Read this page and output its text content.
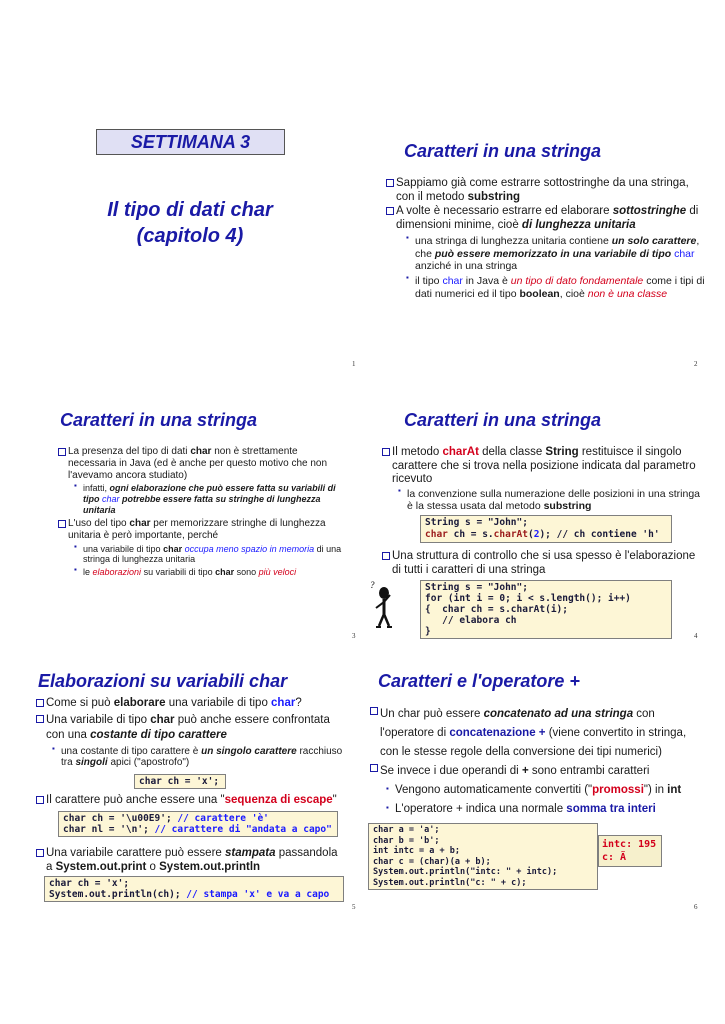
SETTIMANA 3
Il tipo di dati char
(capitolo 4)
1
Caratteri in una stringa
Sappiamo già come estrarre sottostringhe da una stringa, con il metodo substring
A volte è necessario estrarre ed elaborare sottostringhe di dimensioni minime, cioè di lunghezza unitaria
▪ una stringa di lunghezza unitaria contiene un solo carattere, che può essere memorizzato in una variabile di tipo char anziché in una stringa
▪ il tipo char in Java è un tipo di dato fondamentale come i tipi di dati numerici ed il tipo boolean, cioè non è una classe
2
Caratteri in una stringa
La presenza del tipo di dati char non è strettamente necessaria in Java (ed è anche per questo motivo che non l'avevamo ancora studiato)
▪ infatti, ogni elaborazione che può essere fatta su variabili di tipo char potrebbe essere fatta su stringhe di lunghezza unitaria
L'uso del tipo char per memorizzare stringhe di lunghezza unitaria è però importante, perché
▪ una variabile di tipo char occupa meno spazio in memoria di una stringa di lunghezza unitaria
▪ le elaborazioni su variabili di tipo char sono più veloci
3
Caratteri in una stringa
Il metodo charAt della classe String restituisce il singolo carattere che si trova nella posizione indicata dal parametro ricevuto
▪ la convenzione sulla numerazione delle posizioni in una stringa è la stessa usata dal metodo substring
String s = "John";
char ch = s.charAt(2); // ch contiene 'h'
Una struttura di controllo che si usa spesso è l'elaborazione di tutti i caratteri di una stringa
?	String s = "John";
for (int i = 0; i < s.length(); i++)
{  char ch = s.charAt(i);
// elabora ch
}	4
Elaborazioni su variabili char
Come si può elaborare una variabile di tipo char?
Una variabile di tipo char può anche essere confrontata con una costante di tipo carattere
▪ una costante di tipo carattere è un singolo carattere racchiuso tra singoli apici ("apostrofo")
char ch = 'x';
Il carattere può anche essere una "sequenza di escape"
char ch = '\u00E9'; // carattere 'è'
char nl = '\n'; // carattere di "andata a capo"
Una variabile carattere può essere stampata passandola a System.out.print o System.out.println
char ch = 'x';
System.out.println(ch); // stampa 'x' e va a capo
5
Caratteri e l'operatore +
Un char può essere concatenato ad una stringa con
l'operatore di concatenazione + (viene convertito in stringa,
con le stesse regole della conversione dei tipi numerici)
Se invece i due operandi di + sono entrambi caratteri
▪ Vengono automaticamente convertiti ("promossi") in int
▪ L'operatore + indica una normale somma tra interi
char a = 'a';
char b = 'b';
int intc = a + b;
char c = (char)(a + b);
System.out.println("intc: " + intc);
System.out.println("c: " + c);
intc: 195
c: Ã
6
